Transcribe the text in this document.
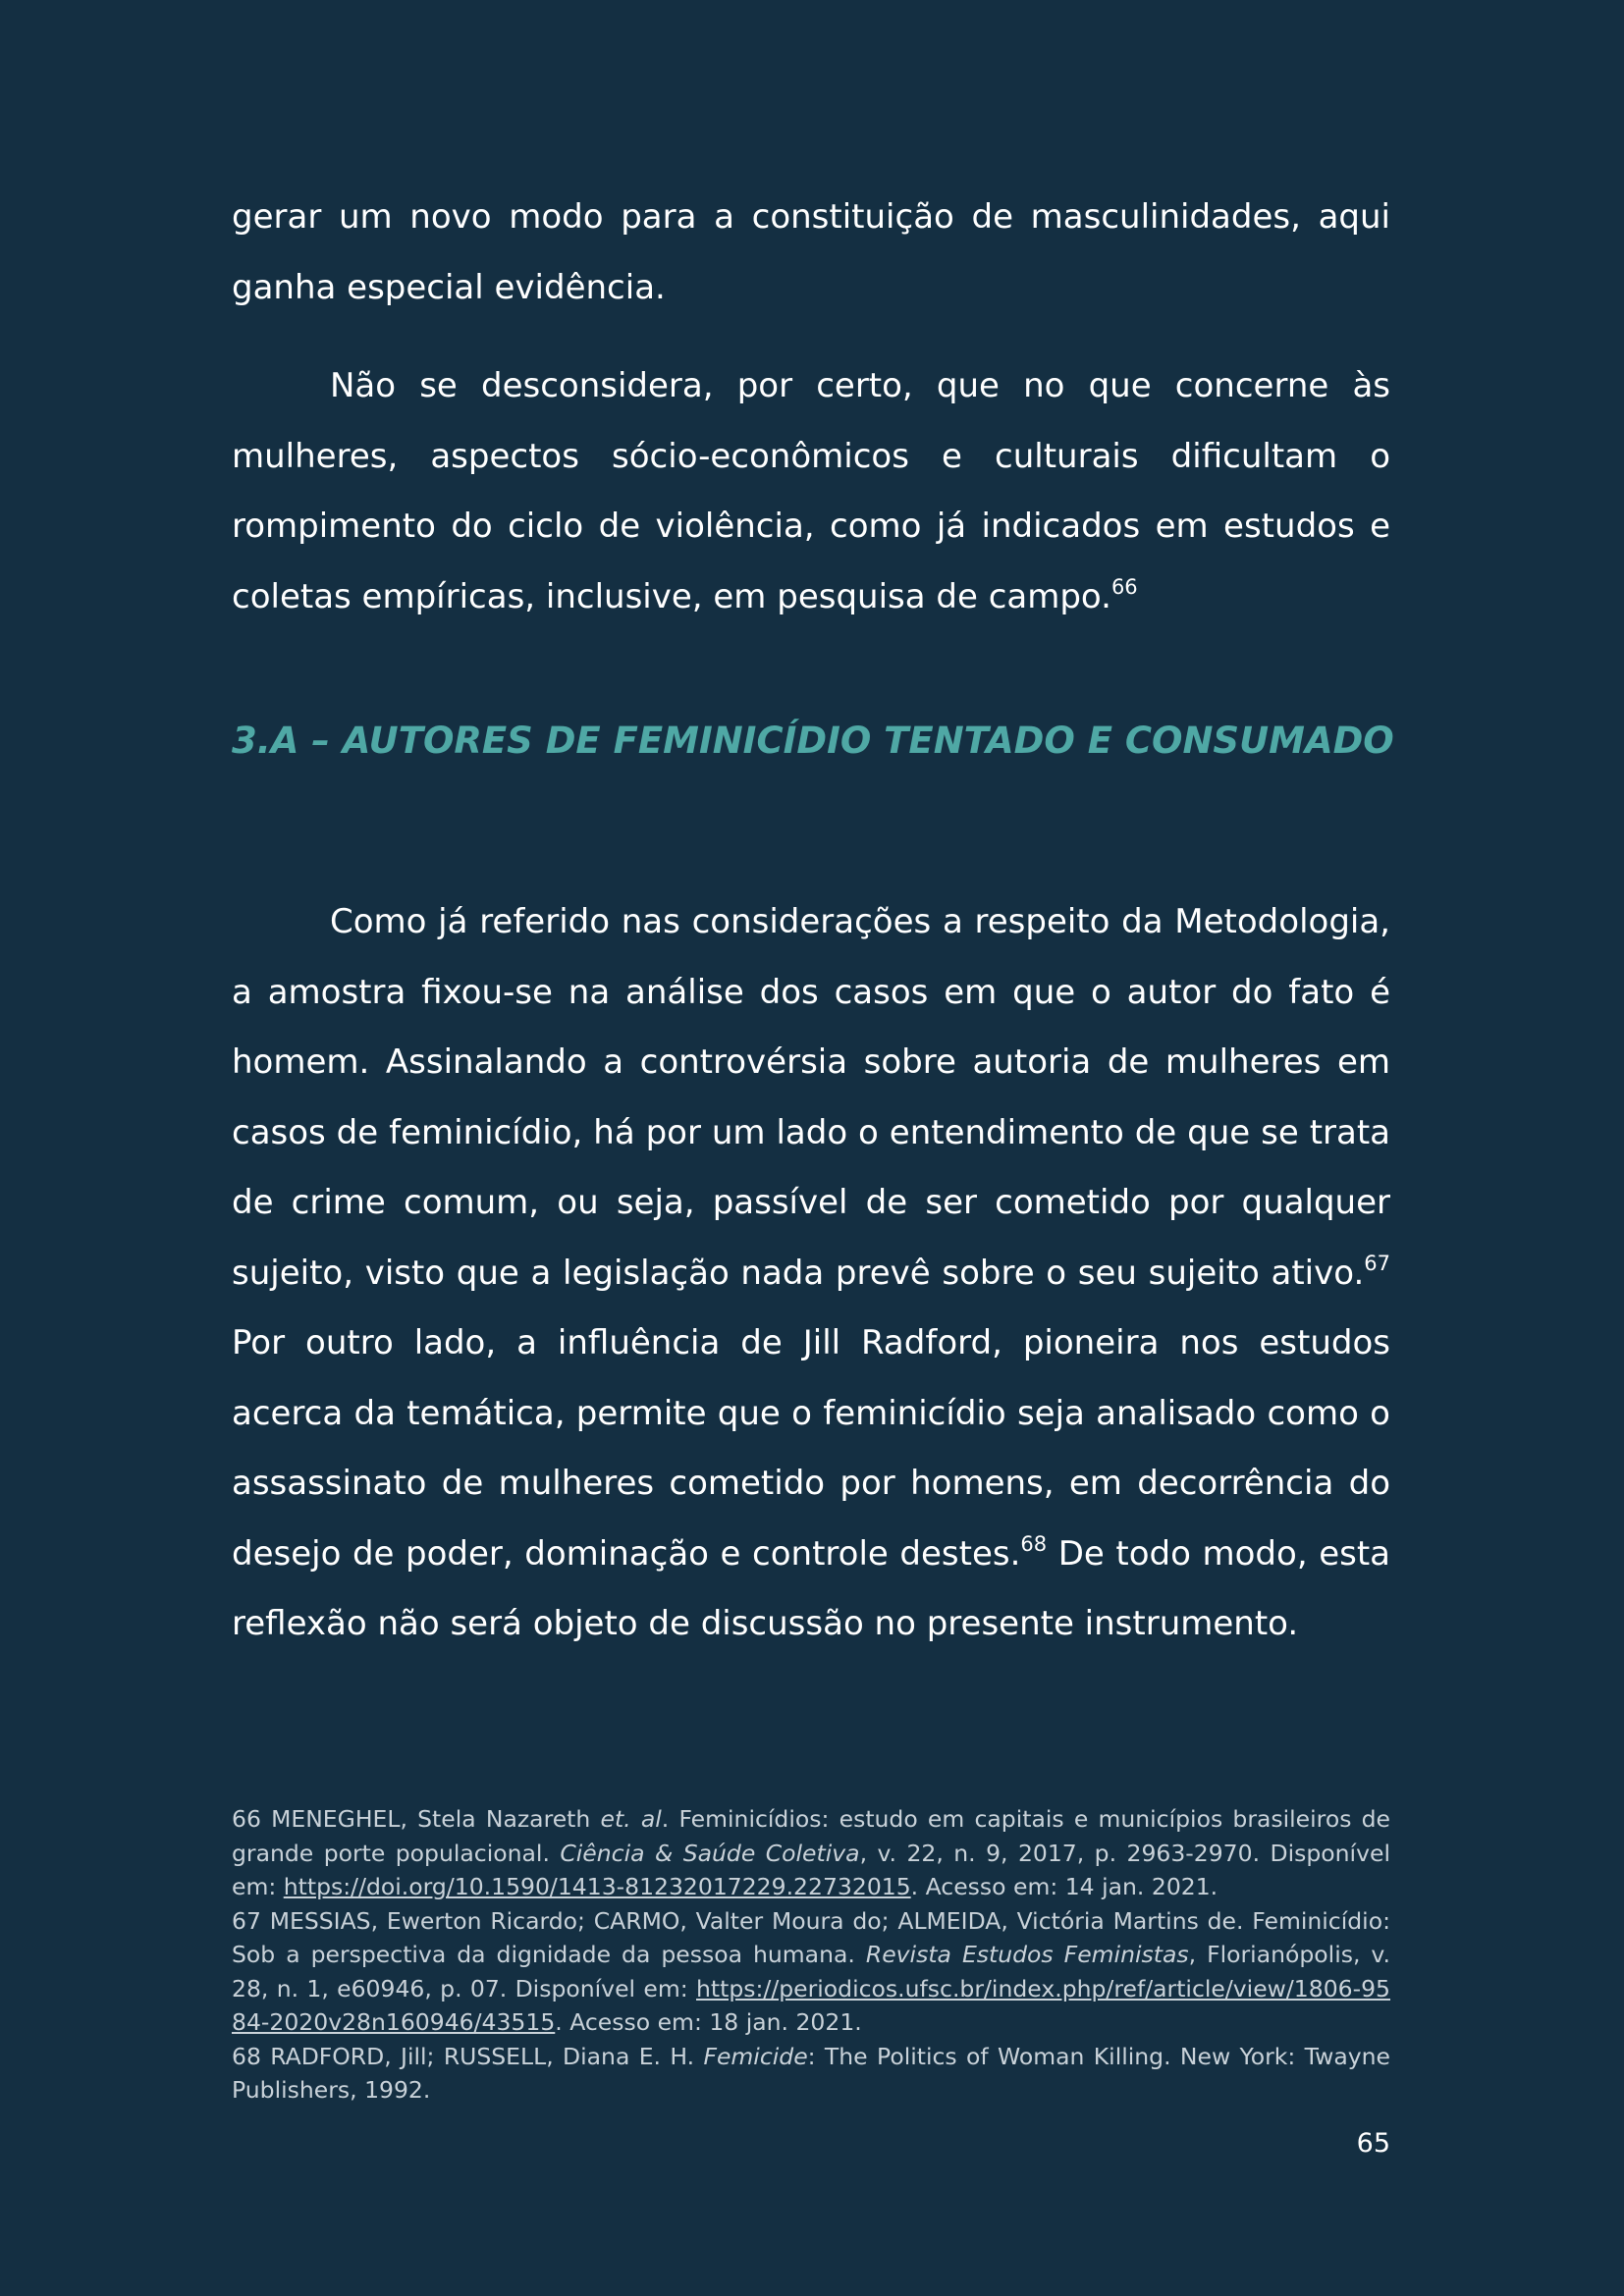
gerar um novo modo para a constituição de masculinidades, aqui ganha especial evidência.

Não se desconsidera, por certo, que no que concerne às mulheres, aspectos sócio-econômicos e culturais dificultam o rompimento do ciclo de violência, como já indicados em estudos e coletas empíricas, inclusive, em pesquisa de campo.$^{66}$

3.A – AUTORES DE FEMINICÍDIO TENTADO E CONSUMADO

Como já referido nas considerações a respeito da Metodologia, a amostra fixou-se na análise dos casos em que o autor do fato é homem. Assinalando a controvérsia sobre autoria de mulheres em casos de feminicídio, há por um lado o entendimento de que se trata de crime comum, ou seja, passível de ser cometido por qualquer sujeito, visto que a legislação nada prevê sobre o seu sujeito ativo.$^{67}$ Por outro lado, a influência de Jill Radford, pioneira nos estudos acerca da temática, permite que o feminicídio seja analisado como o assassinato de mulheres cometido por homens, em decorrência do desejo de poder, dominação e controle destes.$^{68}$ De todo modo, esta reflexão não será objeto de discussão no presente instrumento.

66 MENEGHEL, Stela Nazareth et. al. Feminicídios: estudo em capitais e municípios brasileiros de grande porte populacional. Ciência & Saúde Coletiva, v. 22, n. 9, 2017, p. 2963-2970. Disponível em: https://doi.org/10.1590/1413-81232017229.22732015. Acesso em: 14 jan. 2021.

67 MESSIAS, Ewerton Ricardo; CARMO, Valter Moura do; ALMEIDA, Victória Martins de. Feminicídio: Sob a perspectiva da dignidade da pessoa humana. Revista Estudos Feministas, Florianópolis, v. 28, n. 1, e60946, p. 07. Disponível em: https://periodicos.ufsc.br/index.php/ref/article/view/1806-9584-2020v28n160946/43515. Acesso em: 18 jan. 2021.

68 RADFORD, Jill; RUSSELL, Diana E. H. Femicide: The Politics of Woman Killing. New York: Twayne Publishers, 1992.

65
